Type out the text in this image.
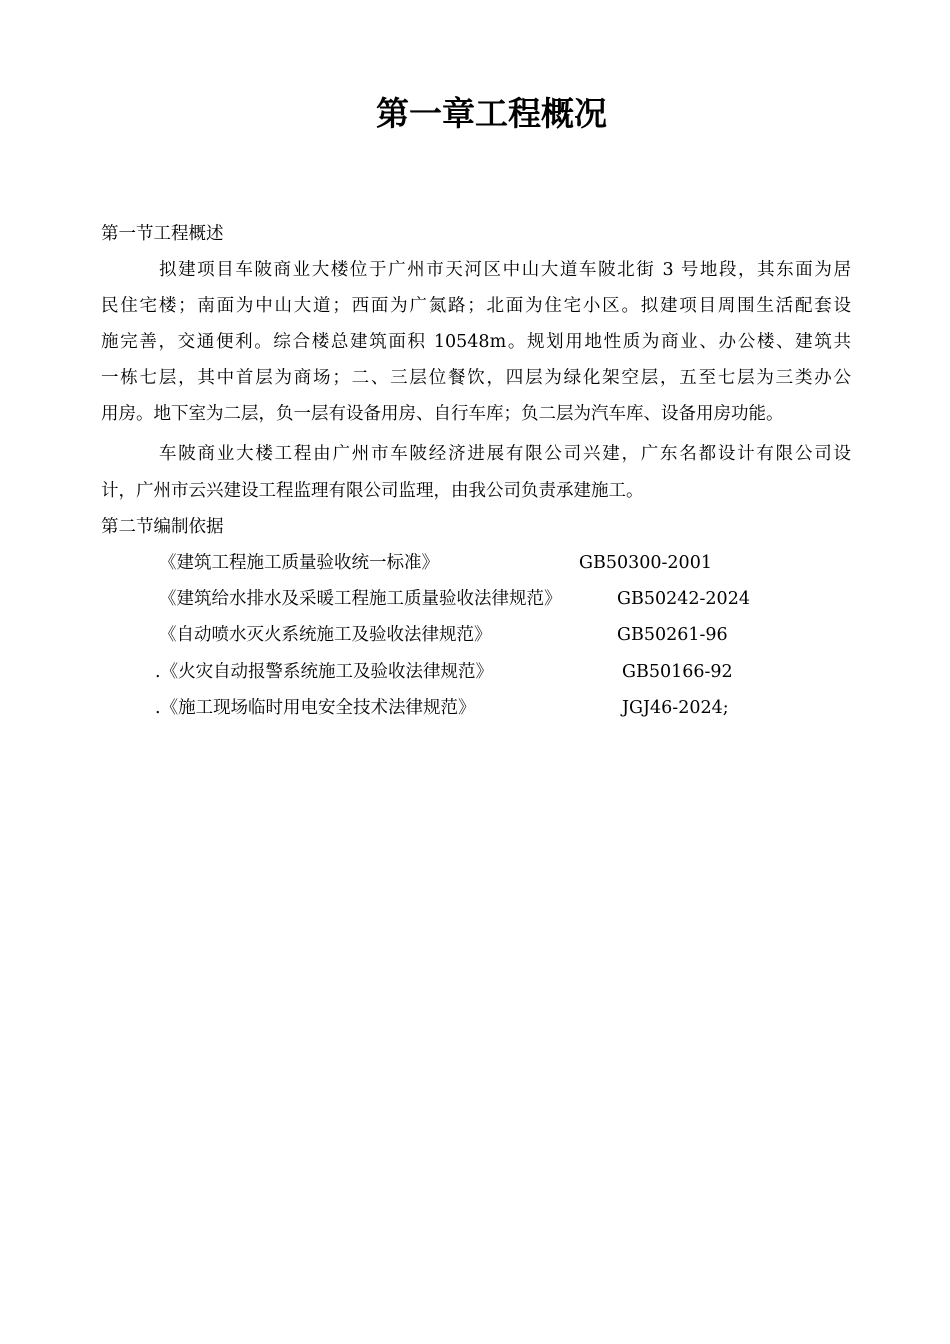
第一章工程概况
第一节工程概述
拟建项目车陂商业大楼位于广州市天河区中山大道车陂北街 3 号地段，其东面为居
民住宅楼；南面为中山大道；西面为广氮路；北面为住宅小区。拟建项目周围生活配套设
施完善，交通便利。综合楼总建筑面积 10548m。规划用地性质为商业、办公楼、建筑共
一栋七层，其中首层为商场；二、三层位餐饮，四层为绿化架空层，五至七层为三类办公
用房。地下室为二层，负一层有设备用房、自行车库；负二层为汽车库、设备用房功能。
车陂商业大楼工程由广州市车陂经济进展有限公司兴建，广东名都设计有限公司设
计，广州市云兴建设工程监理有限公司监理，由我公司负责承建施工。
第二节编制依据
《建筑工程施工质量验收统一标准》	GB50300-2001
《建筑给水排水及采暖工程施工质量验收法律规范》	GB50242-2024
《自动喷水灭火系统施工及验收法律规范》	GB50261-96
.《火灾自动报警系统施工及验收法律规范》	GB50166-92
.《施工现场临时用电安全技术法律规范》	JGJ46-2024;
